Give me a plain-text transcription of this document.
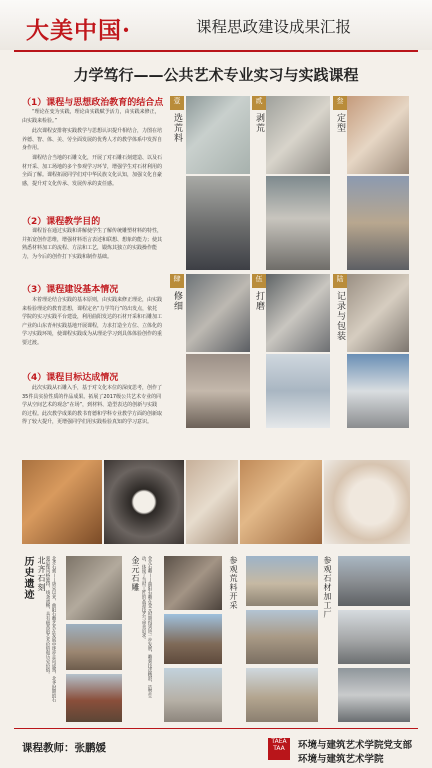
大美中国·	课程思政建设成果汇报
力学笃行——公共艺术专业实习与实践课程
（1）课程与思想政治教育的结合点
“理论在变为实践，理论由实践赋予活力，由实践来修正，由实践来检验。”
此次课程安排将实践教学与思想认识提升相结合，力图在培养德、智、体、美、劳全面发展的优秀人才的教学体系中发挥自身作用。
课程结合当地的石雕文化，开展了对石雕石刻建造、以及石材开采、加工场地的多个参观学习环节，增强学生对石材利用的全面了解。课程拓展同学们对中华民族文化认知，加强文化自豪感，提升对文化传承、发展传承的责任感。
（2）课程教学目的
课程旨在通过实践和讲解使学生了解传统雕塑材料的特性，并拓宽创作思维，增强材料语言表述和联想、想象的能力；使其熟悉材料加工的流程、方法和工艺，锻炼其独立的实践操作能力，为今后的创作打下实践和制作基础。
（3）课程建设基本情况
本着理论结合实践的基本原则，由实践来修正理论，由实践来检验理论的教育思想，课程定名“力学笃行”的出发点，依托学院的实习实践平台建设，利用曲阳发达的石材开采和石雕加工产业的山东青州实践基地开展课程，力求打造全方位、立体化的学习实践环境，使课程实践成为从理论学习到具体体验创作的重要过渡。
（4）课程目标达成情况
此次实践从石雕入手，基于对文化本位的深度思考，创作了35件具实验性质的作品成果。拓展了2017级公共艺术专业的同学从空间艺术的观念“在场”，到材料、造型表达的创新与实践的过程。此次教学成果的教书育德和学科专业教学方面的创新取得了较大提升，更增强同学们用实践检验真知的学习意识。
壹
选荒料
贰
剥荒
叁
定型
肆
修细
伍
打磨
陆
记录与包装
历史遗迹 北齐石刻	北齐石刻——唐宋以来，曲阳石雕艺术在发展中逐步走向成熟，北齐时期的石刻造像风格独特，线条流畅，具有极高的艺术价值和历史价值。	金元石雕	金元石雕——曲阳石雕在金元时期得到进一步发展，雕刻技法精湛，造型生动，体现了当时工匠的高超技艺与审美追求。	参观荒料开采	参观石材加工厂
课程教师：张鹏媛
TAEA TAA	环境与建筑艺术学院党支部
环境与建筑艺术学院
